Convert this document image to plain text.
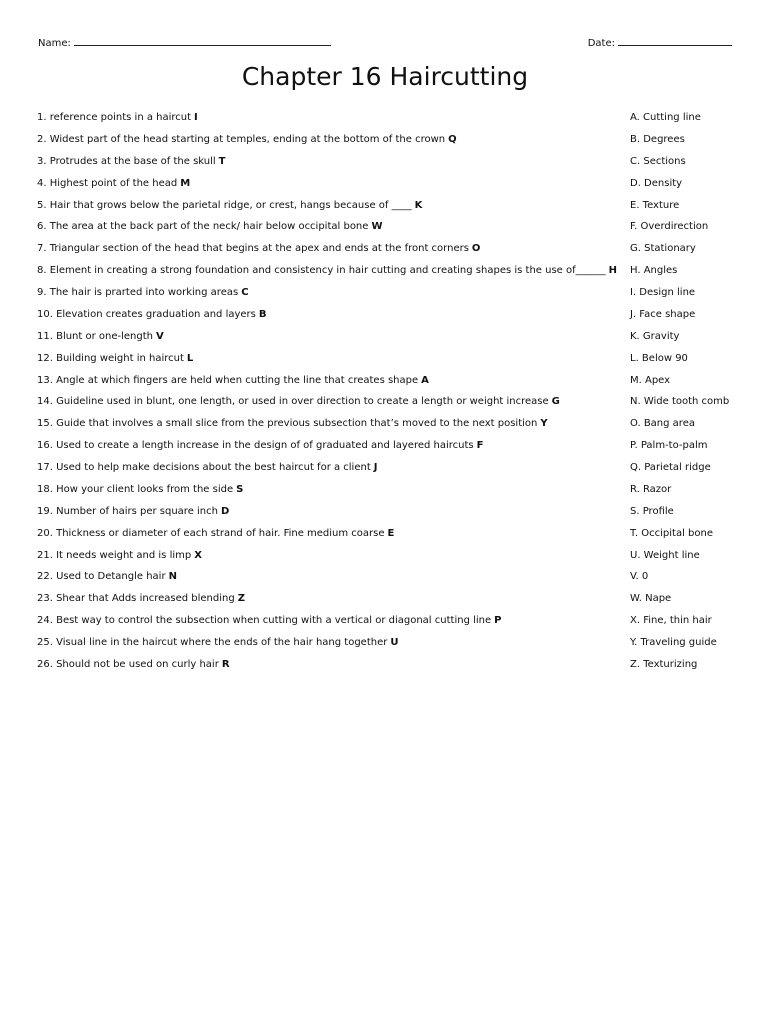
Name:	Date:
Chapter 16 Haircutting
1. reference points in a haircut I
2. Widest part of the head starting at temples, ending at the bottom of the crown Q
3. Protrudes at the base of the skull T
4. Highest point of the head M
5. Hair that grows below the parietal ridge, or crest, hangs because of ____ K
6. The area at the back part of the neck/ hair below occipital bone W
7. Triangular section of the head that begins at the apex and ends at the front corners O
8. Element in creating a strong foundation and consistency in hair cutting and creating shapes is the use of______ H
9. The hair is prarted into working areas C
10. Elevation creates graduation and layers B
11. Blunt or one-length V
12. Building weight in haircut L
13. Angle at which fingers are held when cutting the line that creates shape A
14. Guideline used in blunt, one length, or used in over direction to create a length or weight increase G
15. Guide that involves a small slice from the previous subsection that’s moved to the next position Y
16. Used to create a length increase in the design of of graduated and layered haircuts F
17. Used to help make decisions about the best haircut for a client J
18. How your client looks from the side S
19. Number of hairs per square inch D
20. Thickness or diameter of each strand of hair. Fine medium coarse E
21. It needs weight and is limp X
22. Used to Detangle hair N
23. Shear that Adds increased blending Z
24. Best way to control the subsection when cutting with a vertical or diagonal cutting line P
25. Visual line in the haircut where the ends of the hair hang together U
26. Should not be used on curly hair R
A. Cutting line
B. Degrees
C. Sections
D. Density
E. Texture
F. Overdirection
G. Stationary
H. Angles
I. Design line
J. Face shape
K. Gravity
L. Below 90
M. Apex
N. Wide tooth comb
O. Bang area
P. Palm-to-palm
Q. Parietal ridge
R. Razor
S. Profile
T. Occipital bone
U. Weight line
V. 0
W. Nape
X. Fine, thin hair
Y. Traveling guide
Z. Texturizing
